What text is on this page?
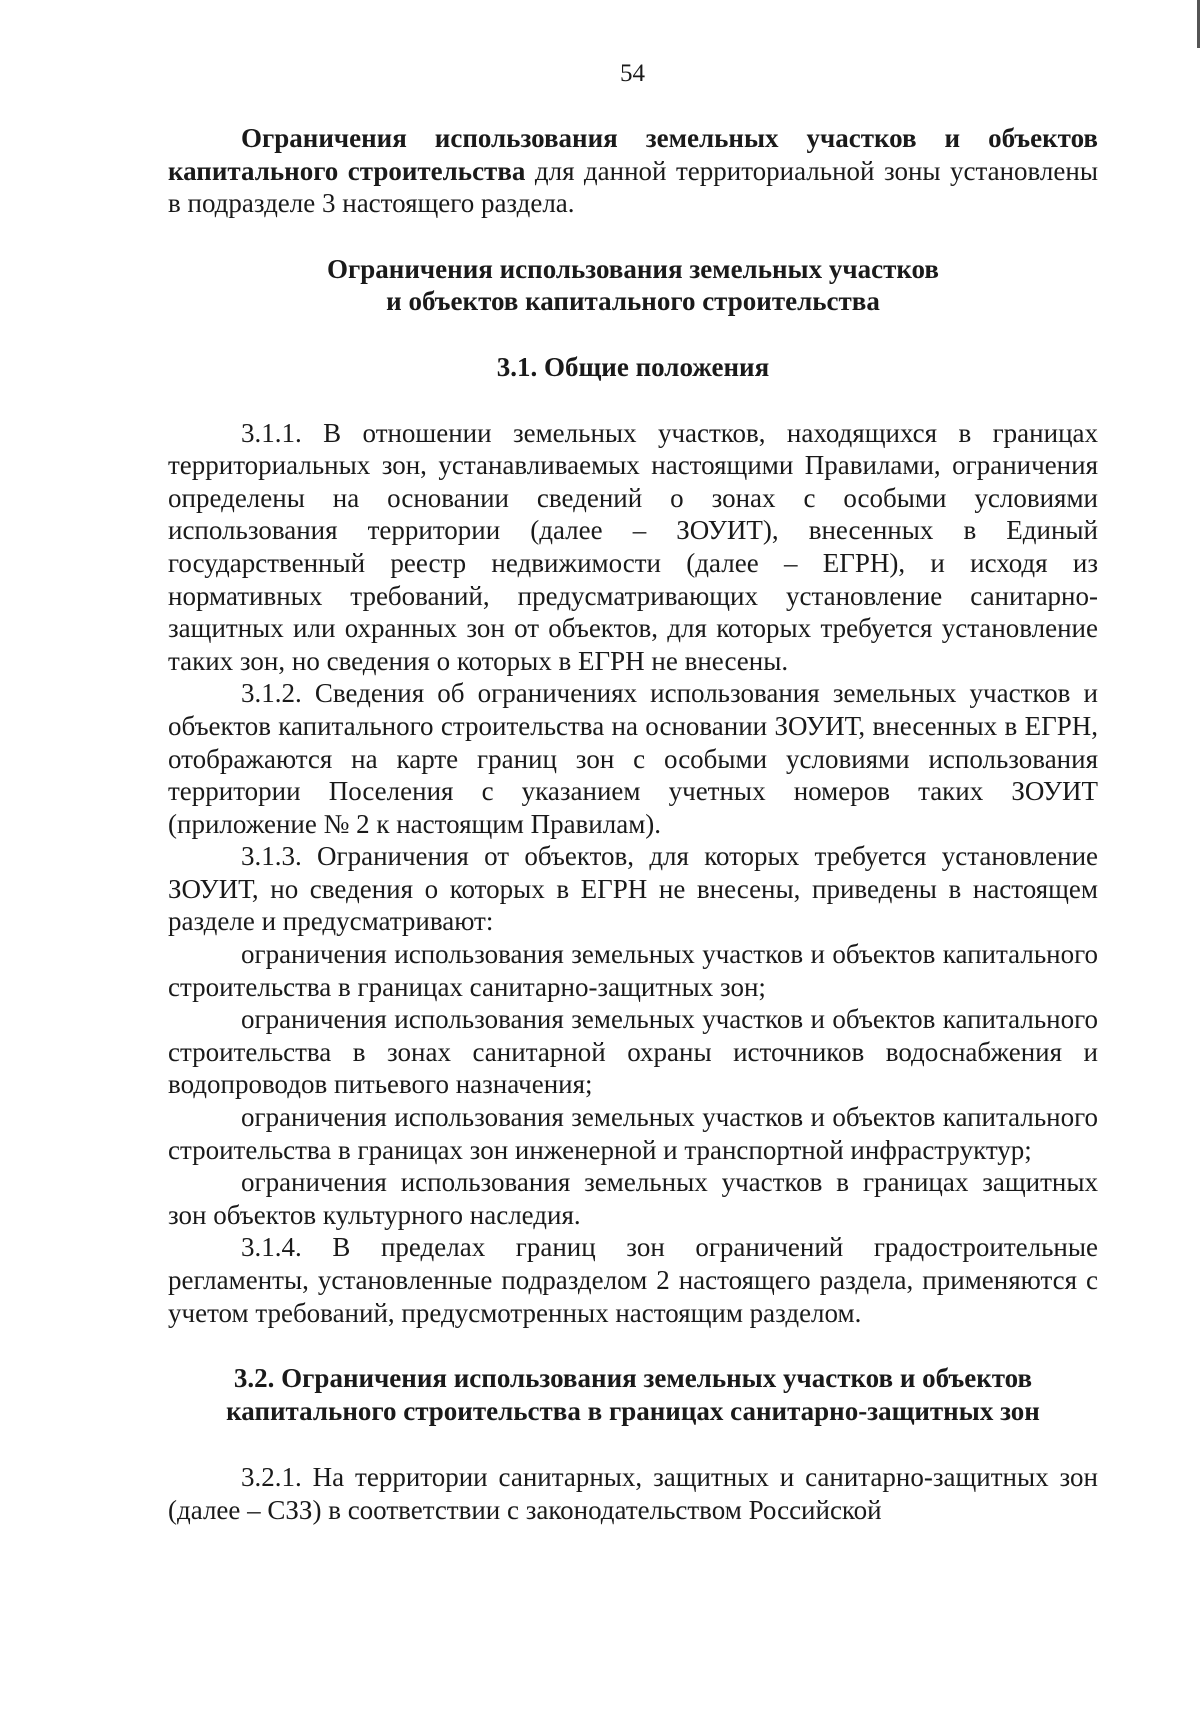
54

Ограничения использования земельных участков и объектов капитального строительства для данной территориальной зоны установлены в подразделе 3 настоящего раздела.

Ограничения использования земельных участков
и объектов капитального строительства

3.1. Общие положения

3.1.1. В отношении земельных участков, находящихся в границах территориальных зон, устанавливаемых настоящими Правилами, ограничения определены на основании сведений о зонах с особыми условиями использования территории (далее – ЗОУИТ), внесенных в Единый государственный реестр недвижимости (далее – ЕГРН), и исходя из нормативных требований, предусматривающих установление санитарно-защитных или охранных зон от объектов, для которых требуется установление таких зон, но сведения о которых в ЕГРН не внесены.

3.1.2. Сведения об ограничениях использования земельных участков и объектов капитального строительства на основании ЗОУИТ, внесенных в ЕГРН, отображаются на карте границ зон с особыми условиями использования территории Поселения с указанием учетных номеров таких ЗОУИТ (приложение № 2 к настоящим Правилам).

3.1.3. Ограничения от объектов, для которых требуется установление ЗОУИТ, но сведения о которых в ЕГРН не внесены, приведены в настоящем разделе и предусматривают:

ограничения использования земельных участков и объектов капитального строительства в границах санитарно-защитных зон;

ограничения использования земельных участков и объектов капитального строительства в зонах санитарной охраны источников водоснабжения и водопроводов питьевого назначения;

ограничения использования земельных участков и объектов капитального строительства в границах зон инженерной и транспортной инфраструктур;

ограничения использования земельных участков в границах защитных зон объектов культурного наследия.

3.1.4. В пределах границ зон ограничений градостроительные регламенты, установленные подразделом 2 настоящего раздела, применяются с учетом требований, предусмотренных настоящим разделом.

3.2. Ограничения использования земельных участков и объектов
капитального строительства в границах санитарно-защитных зон

3.2.1. На территории санитарных, защитных и санитарно-защитных зон (далее – СЗЗ) в соответствии с законодательством Российской
